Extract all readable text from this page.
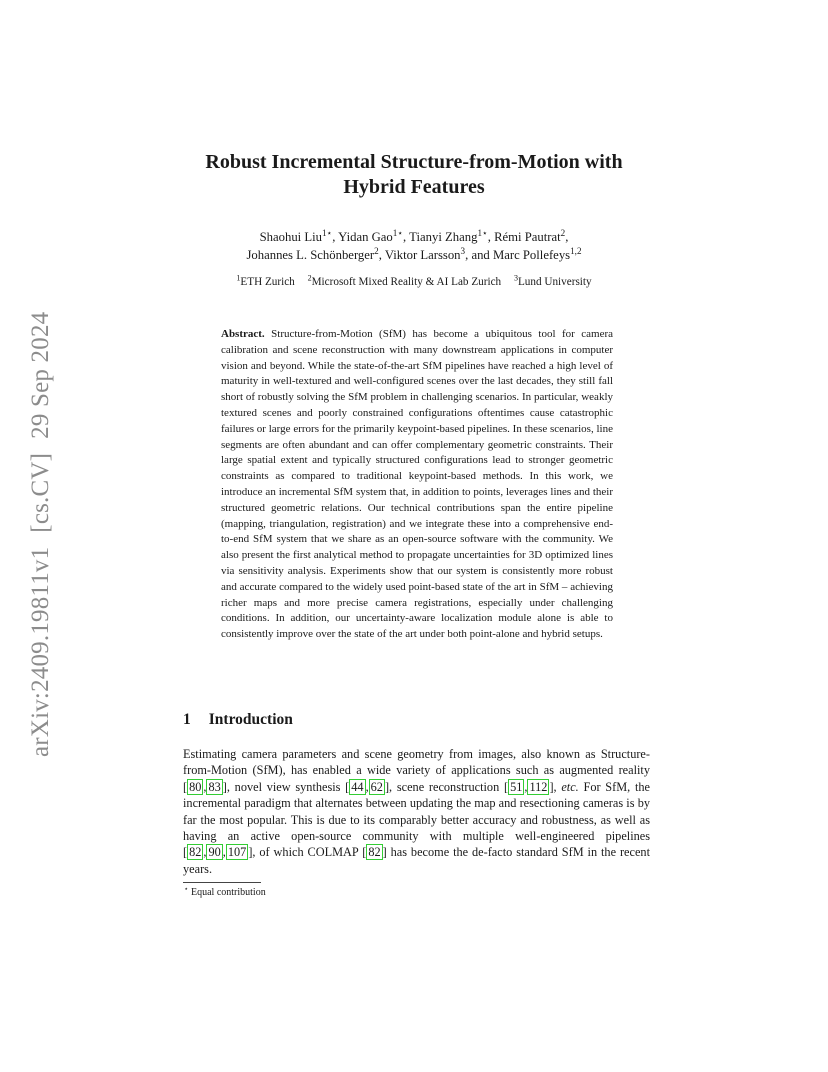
arXiv:2409.19811v1
[cs.CV]
29 Sep 2024
Robust Incremental Structure-from-Motion with
Hybrid Features
Shaohui Liu$^{1⋆}$, Yidan Gao$^{1⋆}$, Tianyi Zhang$^{1⋆}$, Rémi Pautrat$^2$,
Johannes L. Schönberger$^2$, Viktor Larsson$^3$, and Marc Pollefeys$^{1,2}$
$^1$ETH Zurich $^2$Microsoft Mixed Reality & AI Lab Zurich $^3$Lund University

Abstract. Structure-from-Motion (SfM) has become a ubiquitous tool for camera calibration and scene reconstruction with many downstream applications in computer vision and beyond. While the state-of-the-art SfM pipelines have reached a high level of maturity in well-textured and well-configured scenes over the last decades, they still fall short of robustly solving the SfM problem in challenging scenarios. In particular, weakly textured scenes and poorly constrained configurations oftentimes cause catastrophic failures or large errors for the primarily keypoint-based pipelines. In these scenarios, line segments are often abundant and can offer complementary geometric constraints. Their large spatial extent and typically structured configurations lead to stronger geometric constraints as compared to traditional keypoint-based methods. In this work, we introduce an incremental SfM system that, in addition to points, leverages lines and their structured geometric relations. Our technical contributions span the entire pipeline (mapping, triangulation, registration) and we integrate these into a comprehensive end-to-end SfM system that we share as an open-source software with the community. We also present the first analytical method to propagate uncertainties for 3D optimized lines via sensitivity analysis. Experiments show that our system is consistently more robust and accurate compared to the widely used point-based state of the art in SfM – achieving richer maps and more precise camera registrations, especially under challenging conditions. In addition, our uncertainty-aware localization module alone is able to consistently improve over the state of the art under both point-alone and hybrid setups.

1 Introduction

Estimating camera parameters and scene geometry from images, also known as Structure-from-Motion (SfM), has enabled a wide variety of applications such as augmented reality [ 80 , 83 ], novel view synthesis [ 44 , 62 ], scene reconstruction [ 51 , 112 ], etc. For SfM, the incremental paradigm that alternates between updating the map and resectioning cameras is by far the most popular. This is due to its comparably better accuracy and robustness, as well as having an active open-source community with multiple well-engineered pipelines [ 82 , 90 , 107 ], of which COLMAP [ 82 ] has become the de-facto standard SfM in the recent years.

⋆ Equal contribution
